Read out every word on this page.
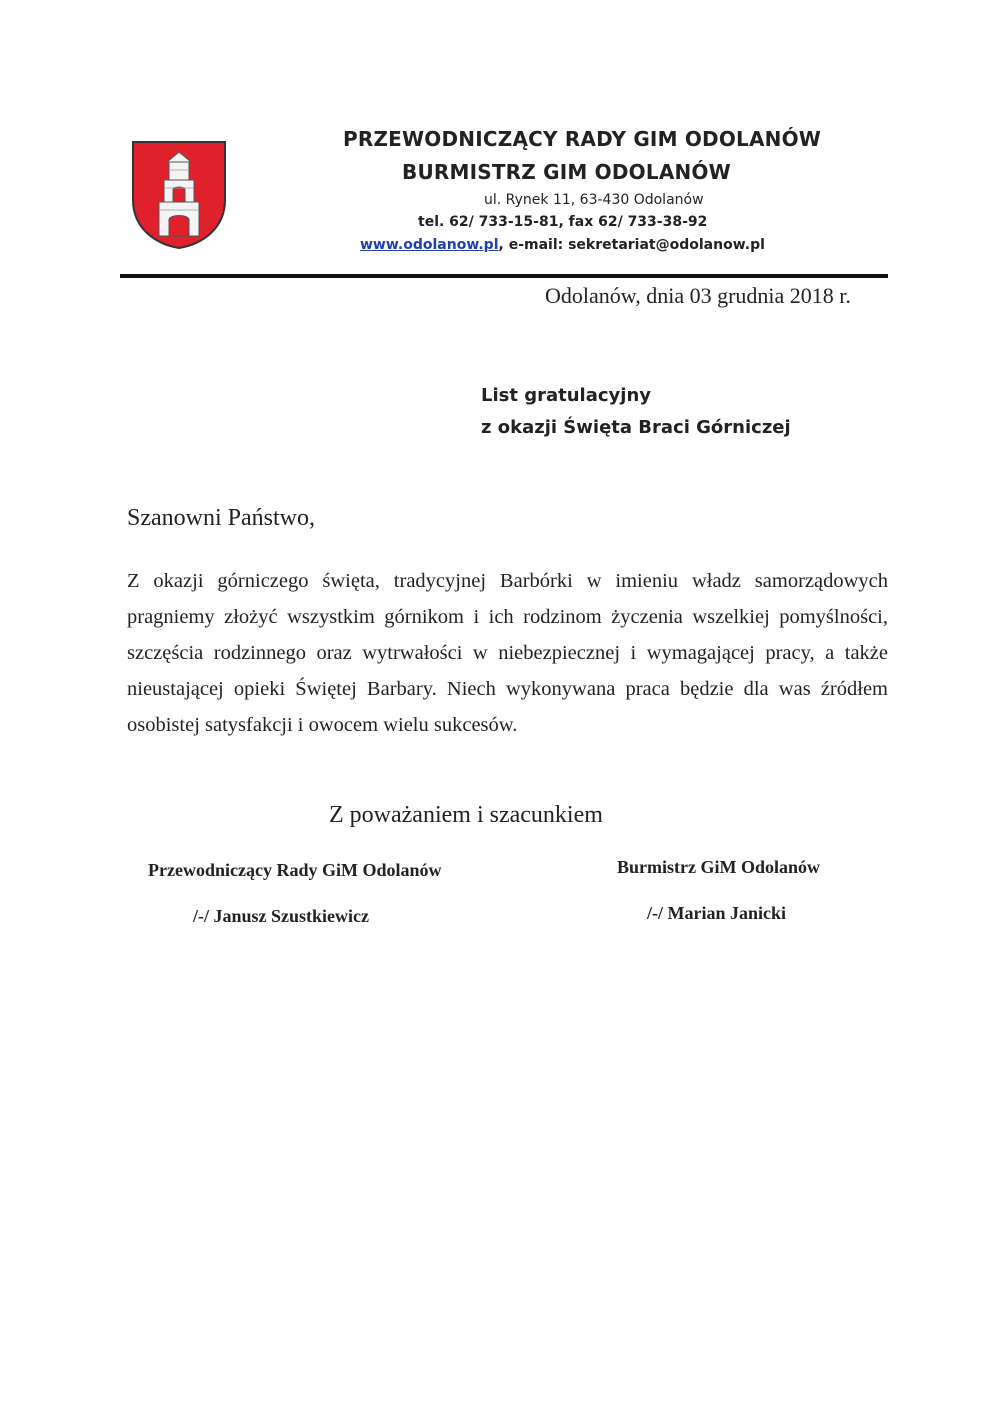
PRZEWODNICZĄCY RADY GIM ODOLANÓW
BURMISTRZ GIM ODOLANÓW
ul. Rynek 11, 63-430 Odolanów
tel. 62/ 733-15-81, fax 62/ 733-38-92
www.odolanow.pl, e-mail: sekretariat@odolanow.pl
Odolanów, dnia 03 grudnia 2018 r.
List gratulacyjny
z okazji Święta Braci Górniczej
Szanowni Państwo,
Z okazji górniczego święta, tradycyjnej Barbórki w imieniu władz samorządowych pragniemy złożyć wszystkim górnikom i ich rodzinom życzenia wszelkiej pomyślności, szczęścia rodzinnego oraz wytrwałości w niebezpiecznej i wymagającej pracy, a także nieustającej opieki Świętej Barbary. Niech wykonywana praca będzie dla was źródłem osobistej satysfakcji i owocem wielu sukcesów.
Z poważaniem i szacunkiem
Przewodniczący Rady GiM Odolanów
/-/ Janusz Szustkiewicz
Burmistrz GiM Odolanów
/-/ Marian Janicki
